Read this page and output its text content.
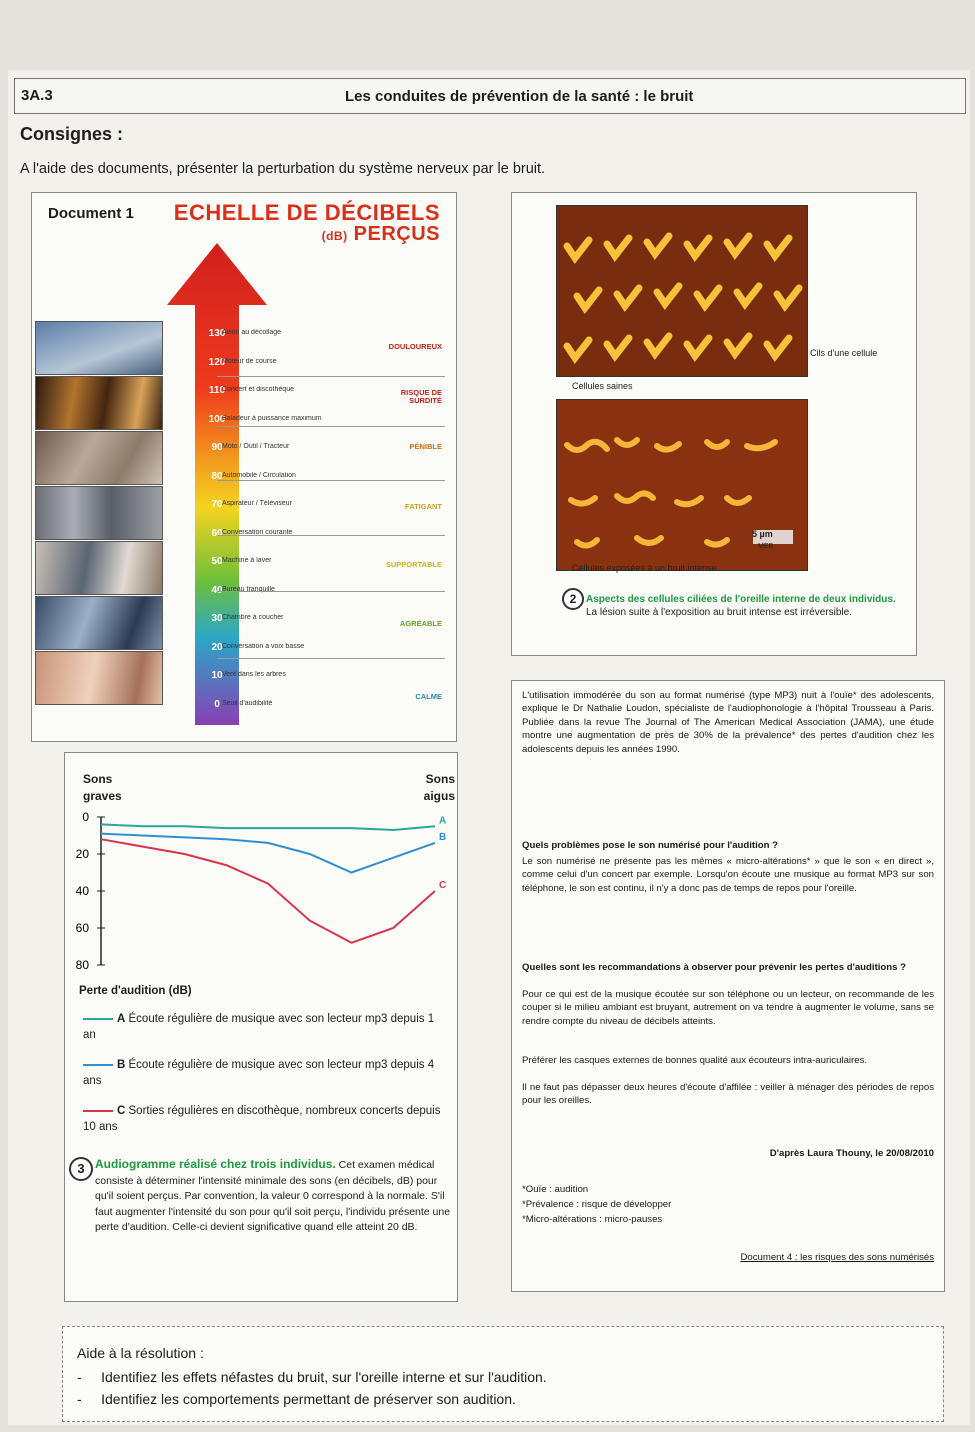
3A.3	Les conduites de prévention de la santé : le bruit
Consignes :
A l'aide des documents, présenter la perturbation du système nerveux par le bruit.
Document 1 ECHELLE DE DÉCIBELS
(dB) PERÇUS
130
Avion au décollage
120
Moteur de course
110
Concert et discothèque
100
Baladeur à puissance maximum
90 Moto / Outil / Tracteur
80 Automobile / Circulation
70 Aspirateur / Téléviseur
60 Conversation courante
50 Machine à laver
40 Bureau tranquille
30 Chambre à coucher
20 Conversation à voix basse
10 Vent dans les arbres
0 Seuil d'audibilité
DOULOUREUX
RISQUE DE SURDITÉ
PÉNIBLE
FATIGANT
SUPPORTABLE
AGRÉABLE
CALME
Cils d'une cellule
Cellules saines
5 µm
MEB
Cellules exposées à un bruit intense
2 Aspects des cellules ciliées de l'oreille interne de deux individus. La lésion suite à l'exposition au bruit intense est irréversible.
Sons graves
Sons aigus
0
20
40
60
80
A
B
C
Perte d'audition (dB)
A Écoute régulière de musique avec son lecteur mp3 depuis 1 an
B Écoute régulière de musique avec son lecteur mp3 depuis 4 ans
C Sorties régulières en discothèque, nombreux concerts depuis 10 ans
3 Audiogramme réalisé chez trois individus. Cet examen médical consiste à déterminer l'intensité minimale des sons (en décibels, dB) pour qu'il soient perçus. Par convention, la valeur 0 correspond à la normale. S'il faut augmenter l'intensité du son pour qu'il soit perçu, l'individu présente une perte d'audition. Celle-ci devient significative quand elle atteint 20 dB.
L'utilisation immodérée du son au format numérisé (type MP3) nuit à l'ouïe* des adolescents, explique le Dr Nathalie Loudon, spécialiste de l'audiophonologie à l'hôpital Trousseau à Paris. Publiée dans la revue The Journal of The American Medical Association (JAMA), une étude montre une augmentation de près de 30% de la prévalence* des pertes d'audition chez les adolescents depuis les années 1990.
Quels problèmes pose le son numérisé pour l'audition ?
Le son numérisé ne présente pas les mêmes « micro-altérations* » que le son « en direct », comme celui d'un concert par exemple. Lorsqu'on écoute une musique au format MP3 sur son téléphone, le son est continu, il n'y a donc pas de temps de repos pour l'oreille.
Quelles sont les recommandations à observer pour prévenir les pertes d'auditions ?
Pour ce qui est de la musique écoutée sur son téléphone ou un lecteur, on recommande de les couper si le milieu ambiant est bruyant, autrement on va tendre à augmenter le volume, sans se rendre compte du niveau de décibels atteints.
Préférer les casques externes de bonnes qualité aux écouteurs intra-auriculaires.
Il ne faut pas dépasser deux heures d'écoute d'affilée : veiller à ménager des périodes de repos pour les oreilles.
D'après Laura Thouny, le 20/08/2010
*Ouïe : audition
*Prévalence : risque de développer
*Micro-altérations : micro-pauses
Document 4 : les risques des sons numérisés
Aide à la résolution :
-     Identifiez les effets néfastes du bruit, sur l'oreille interne et sur l'audition.
-     Identifiez les comportements permettant de préserver son audition.
